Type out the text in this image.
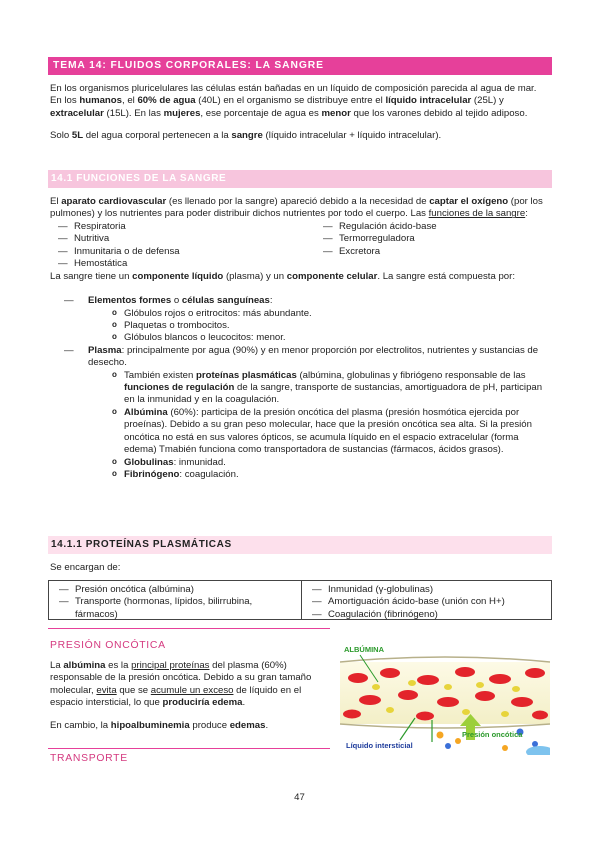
TEMA 14: FLUIDOS CORPORALES: LA SANGRE

En los organismos pluricelulares las células están bañadas en un líquido de composición parecida al agua de mar. En los humanos, el 60% de agua (40L) en el organismo se distribuye entre el líquido intracelular (25L) y extracelular (15L). En las mujeres, ese porcentaje de agua es menor que los varones debido al tejido adiposo.

Solo 5L del agua corporal pertenecen a la sangre (líquido intracelular + líquido intracelular).

14.1 FUNCIONES DE LA SANGRE

El aparato cardiovascular (es llenado por la sangre) apareció debido a la necesidad de captar el oxígeno (por los pulmones) y los nutrientes para poder distribuir dichos nutrientes por todo el cuerpo. Las funciones de la sangre:

— Respiratoria
— Nutritiva
— Inmunitaria o de defensa
— Hemostática
— Regulación ácido-base
— Termorreguladora
— Excretora

La sangre tiene un componente líquido (plasma) y un componente celular. La sangre está compuesta por:

— Elementos formes o células sanguíneas:
o Glóbulos rojos o eritrocitos: más abundante.
o Plaquetas o trombocitos.
o Glóbulos blancos o leucocitos: menor.
— Plasma: principalmente por agua (90%) y en menor proporción por electrolitos, nutrientes y sustancias de desecho.
o También existen proteínas plasmáticas (albúmina, globulinas y fibriógeno responsable de las funciones de regulación de la sangre, transporte de sustancias, amortiguadora de pH, participan en la inmunidad y en la coagulación.
o Albúmina (60%): participa de la presión oncótica del plasma (presión hosmótica ejercida por proeínas). Debido a su gran peso molecular, hace que la presión oncótica sea alta. Si la presión oncótica no está en sus valores ópticos, se acumula líquido en el espacio extracelular (forma edema) Tmabién funciona como transportadora de sustancias (fármacos, ácidos grasos).
o Globulinas: inmunidad.
o Fibrinógeno: coagulación.
14.1.1 PROTEÍNAS PLASMÁTICAS
Se encargan de:
— Presión oncótica (albúmina)
— Transporte (hormonas, lípidos, bilirrubina, fármacos)
— Inmunidad (γ-globulinas)
— Amortiguación ácido-base (unión con H+)
— Coagulación (fibrinógeno)
PRESIÓN ONCÓTICA

La albúmina es la principal proteínas del plasma (60%) responsable de la presión oncótica. Debido a su gran tamaño molecular, evita que se acumule un exceso de líquido en el espacio intersticial, lo que produciría edema.

En cambio, la hipoalbuminemia produce edemas.

TRANSPORTE
ALBÚMINA
Presión oncótica
Líquido intersticial
47
